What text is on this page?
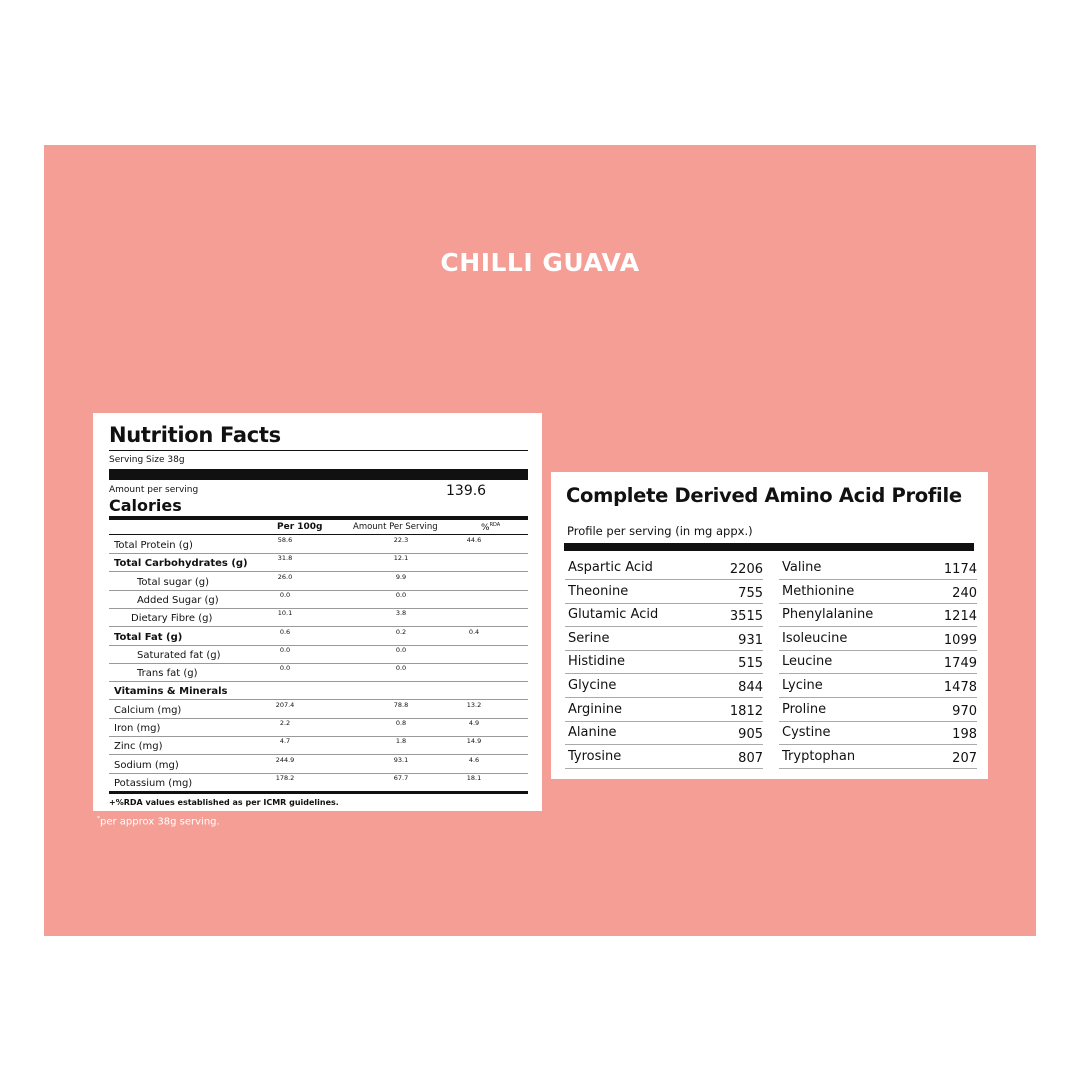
CHILLI GUAVA
Nutrition Facts
Serving Size 38g
Amount per serving	139.6
Calories
Per 100g	Amount Per Serving	%$^{RDA}$
Total Protein (g)	58.6	22.3	44.6
Total Carbohydrates (g)	31.8	12.1
Total sugar (g)	26.0	9.9
Added Sugar (g)	0.0	0.0
Dietary Fibre (g)	10.1	3.8
Total Fat (g)	0.6	0.2	0.4
Saturated fat (g)	0.0	0.0
Trans fat (g)	0.0	0.0
Vitamins & Minerals
Calcium (mg)	207.4	78.8	13.2
Iron (mg)	2.2	0.8	4.9
Zinc (mg)	4.7	1.8	14.9
Sodium (mg)	244.9	93.1	4.6
Potassium (mg)	178.2	67.7	18.1
+%RDA values established as per ICMR guidelines.
*per approx 38g serving.
Complete Derived Amino Acid Profile
Profile per serving (in mg appx.)
Aspartic Acid	2206
Theonine	755
Glutamic Acid	3515
Serine	931
Histidine	515
Glycine	844
Arginine	1812
Alanine	905
Tyrosine	807
Valine	1174
Methionine	240
Phenylalanine	1214
Isoleucine	1099
Leucine	1749
Lycine	1478
Proline	970
Cystine	198
Tryptophan	207
